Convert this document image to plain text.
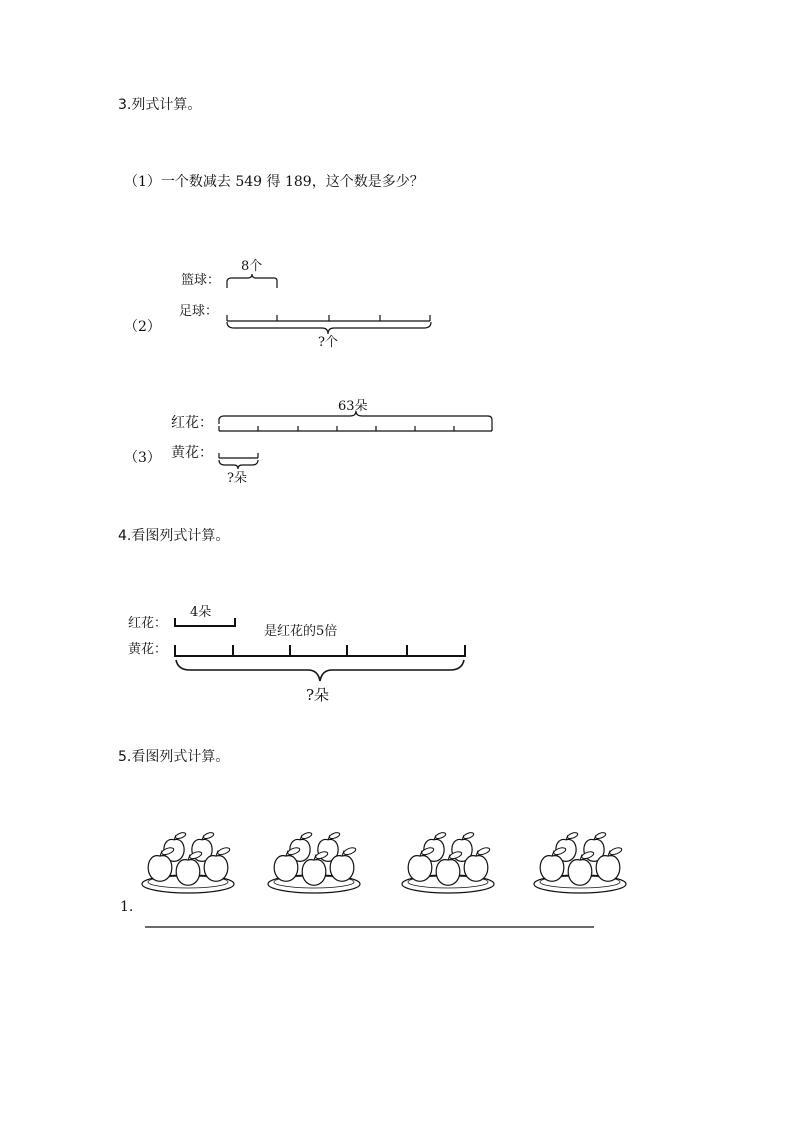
3.列式计算。
（1）一个数减去 549 得 189，这个数是多少？
篮球：
8个
足球：
（2）
?个
63朵
红花：
黄花：
（3）
?朵
4.看图列式计算。
4朵
红花：
是红花的5倍
黄花：
?朵
5.看图列式计算。
1.
